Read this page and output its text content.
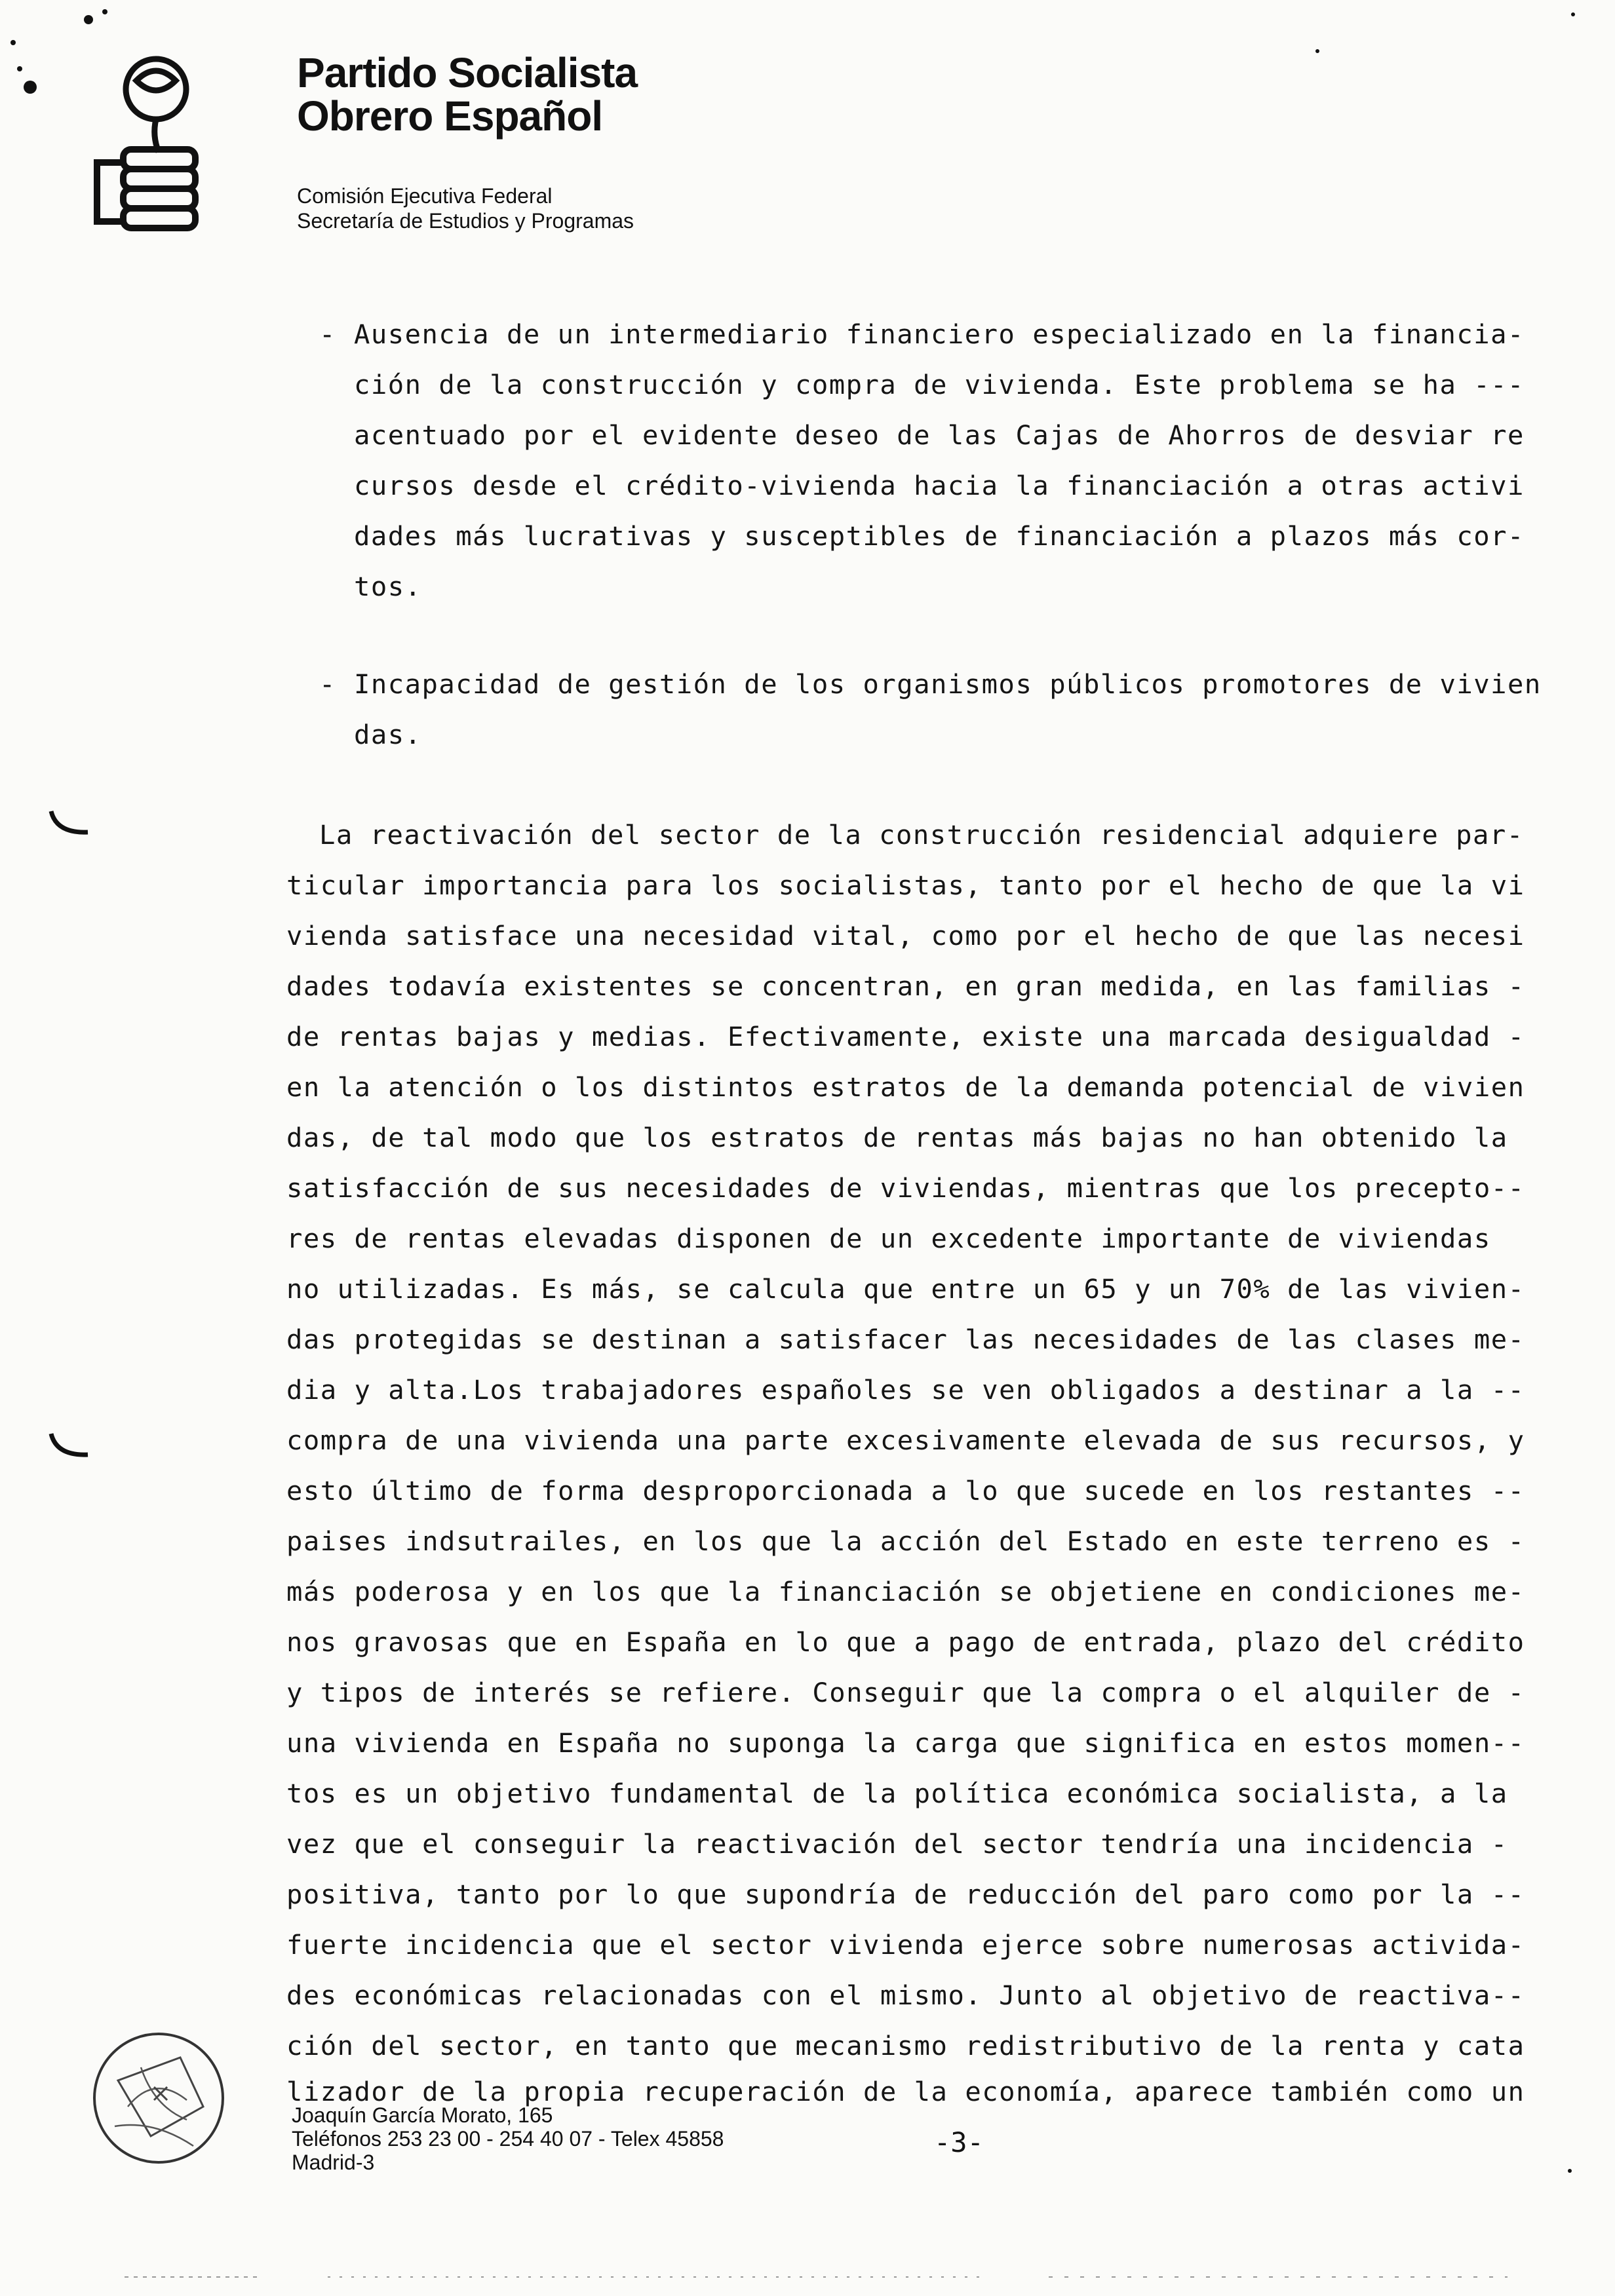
Partido Socialista
Obrero Español
Comisión Ejecutiva Federal
Secretaría de Estudios y Programas
- Ausencia de un intermediario financiero especializado en la financia-
ción de la construcción y compra de vivienda. Este problema se ha ---
acentuado por el evidente deseo de las Cajas de Ahorros de desviar re
cursos desde el crédito-vivienda hacia la financiación a otras activi
dades más lucrativas y susceptibles de financiación a plazos más cor-
tos.
- Incapacidad de gestión de los organismos públicos promotores de vivien
das.
La reactivación del sector de la construcción residencial adquiere par-
ticular importancia para los socialistas, tanto por el hecho de que la vi
vienda satisface una necesidad vital, como por el hecho de que las necesi
dades todavía existentes se concentran, en gran medida, en las familias -
de rentas bajas y medias. Efectivamente, existe una marcada desigualdad -
en la atención o los distintos estratos de la demanda potencial de vivien
das, de tal modo que los estratos de rentas más bajas no han obtenido la
satisfacción de sus necesidades de viviendas, mientras que los precepto--
res de rentas elevadas disponen de un excedente importante de viviendas
no utilizadas. Es más, se calcula que entre un 65 y un 70% de las vivien-
das protegidas se destinan a satisfacer las necesidades de las clases me-
dia y alta.Los trabajadores españoles se ven obligados a destinar a la --
compra de una vivienda una parte excesivamente elevada de sus recursos, y
esto último de forma desproporcionada a lo que sucede en los restantes --
paises indsutrailes, en los que la acción del Estado en este terreno es -
más poderosa y en los que la financiación se objetiene en condiciones me-
nos gravosas que en España en lo que a pago de entrada, plazo del crédito
y tipos de interés se refiere. Conseguir que la compra o el alquiler de -
una vivienda en España no suponga la carga que significa en estos momen--
tos es un objetivo fundamental de la política económica socialista, a la
vez que el conseguir la reactivación del sector tendría una incidencia -
positiva, tanto por lo que supondría de reducción del paro como por la --
fuerte incidencia que el sector vivienda ejerce sobre numerosas activida-
des económicas relacionadas con el mismo. Junto al objetivo de reactiva--
ción del sector, en tanto que mecanismo redistributivo de la renta y cata
lizador de la propia recuperación de la economía, aparece también como un
Joaquín García Morato, 165
Teléfonos 253 23 00 - 254 40 07 - Telex 45858
Madrid-3
-3-
